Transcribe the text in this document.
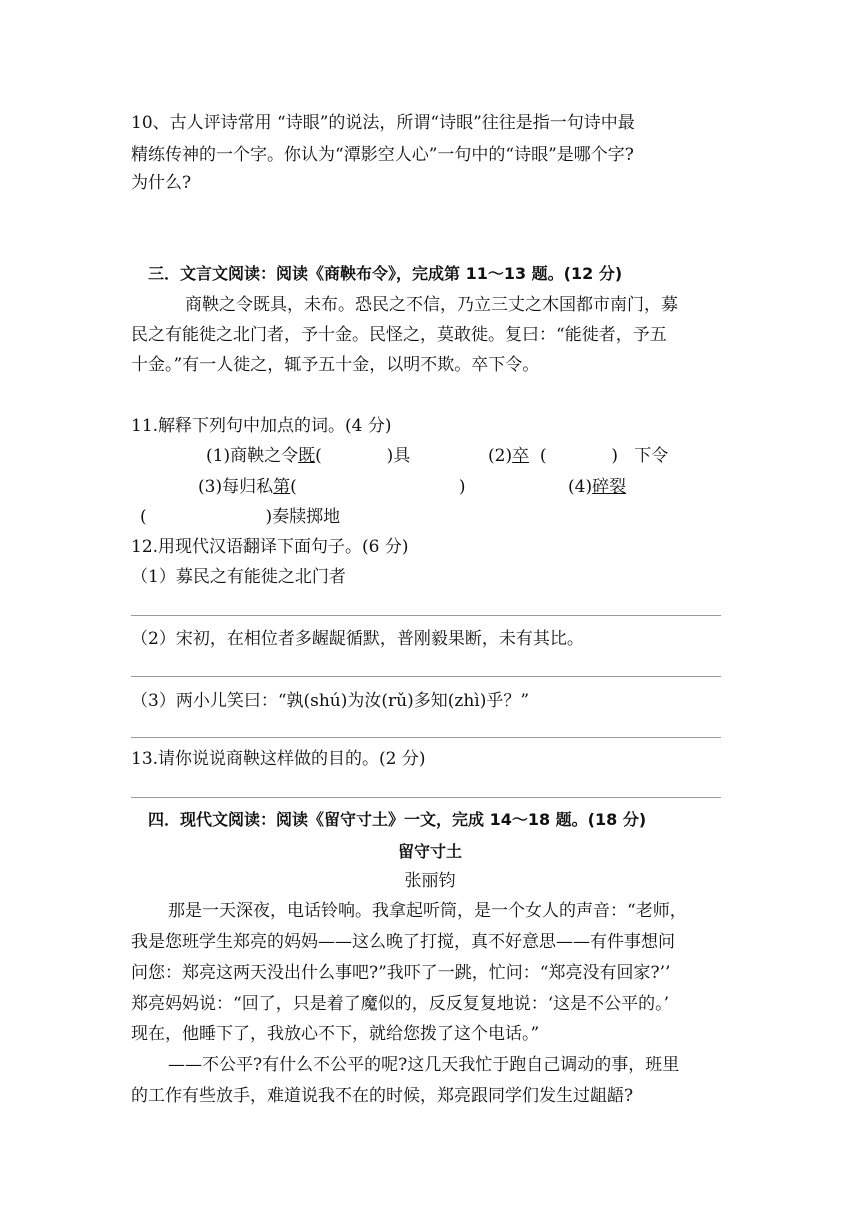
10、古人评诗常用 “诗眼”的说法，所谓“诗眼”往往是指一句诗中最
精练传神的一个字。你认为“潭影空人心”一句中的“诗眼”是哪个字?
为什么?
三．文言文阅读：阅读《商鞅布令》，完成第 11～13 题。(12 分)
商鞅之令既具，未布。恐民之不信，乃立三丈之木国都市南门，募
民之有能徙之北门者，予十金。民怪之，莫敢徙。复曰：“能徙者，予五
十金。”有一人徙之，辄予五十金，以明不欺。卒下令。
11.解释下列句中加点的词。(4 分)
(1)商鞅之令既(            )具	(2)卒  (            )   下令
(3)每归私第(                              )	(4)碎裂
(                      )奏牍掷地
12.用现代汉语翻译下面句子。(6 分)
（1）募民之有能徙之北门者
（2）宋初，在相位者多龌龊循默，普刚毅果断，未有其比。
（3）两小儿笑曰：“孰(shú)为汝(rǔ)多知(zhì)乎？”
13.请你说说商鞅这样做的目的。(2 分)
四．现代文阅读：阅读《留守寸土》一文，完成 14～18 题。(18 分)
留守寸土
张丽钧
那是一天深夜，电话铃响。我拿起听筒，是一个女人的声音：“老师，
我是您班学生郑亮的妈妈——这么晚了打搅，真不好意思——有件事想问
问您：郑亮这两天没出什么事吧?”我吓了一跳，忙问：“郑亮没有回家?’’
郑亮妈妈说：“回了，只是着了魔似的，反反复复地说：‘这是不公平的。’
现在，他睡下了，我放心不下，就给您拨了这个电话。”
——不公平?有什么不公平的呢?这几天我忙于跑自己调动的事，班里
的工作有些放手，难道说我不在的时候，郑亮跟同学们发生过龃龉?
